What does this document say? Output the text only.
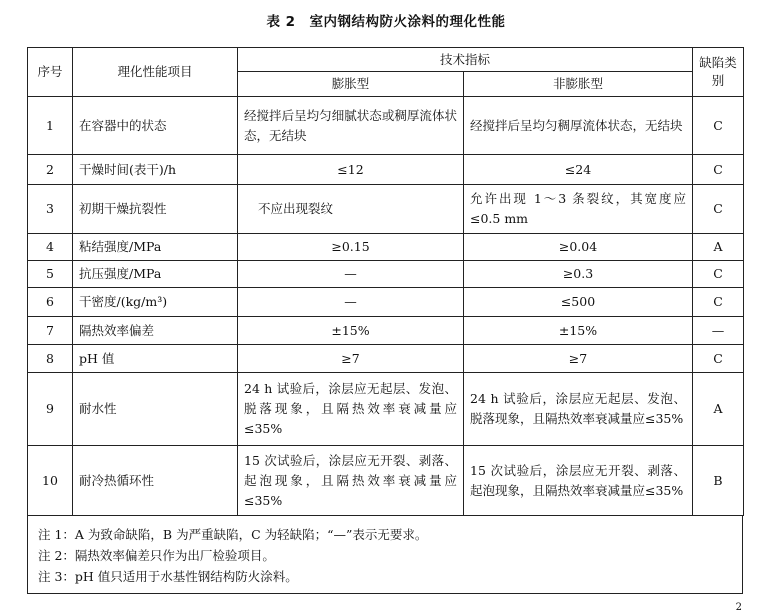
表 2　室内钢结构防火涂料的理化性能
序号	理化性能项目	技术指标		缺陷类别
		膨胀型	非膨胀型	
1	在容器中的状态	经搅拌后呈均匀细腻状态或稠厚流体状态，无结块	经搅拌后呈均匀稠厚流体状态，无结块	C
2	干燥时间(表干)/h	≤12	≤24	C
3	初期干燥抗裂性	不应出现裂纹	允许出现 1～3 条裂纹，其宽度应≤0.5 mm	C
4	粘结强度/MPa	≥0.15	≥0.04	A
5	抗压强度/MPa	—	≥0.3	C
6	干密度/(kg/m³)	—	≤500	C
7	隔热效率偏差	±15%	±15%	—
8	pH 值	≥7	≥7	C
9	耐水性	24 h 试验后，涂层应无起层、发泡、脱落现象，且隔热效率衰减量应≤35%	24 h 试验后，涂层应无起层、发泡、脱落现象，且隔热效率衰减量应≤35%	A
10	耐冷热循环性	15 次试验后，涂层应无开裂、剥落、起泡现象，且隔热效率衰减量应≤35%	15 次试验后，涂层应无开裂、剥落、起泡现象，且隔热效率衰减量应≤35%	B
注 1：A 为致命缺陷，B 为严重缺陷，C 为轻缺陷；“—”表示无要求。
注 2：隔热效率偏差只作为出厂检验项目。
注 3：pH 值只适用于水基性钢结构防火涂料。
2
